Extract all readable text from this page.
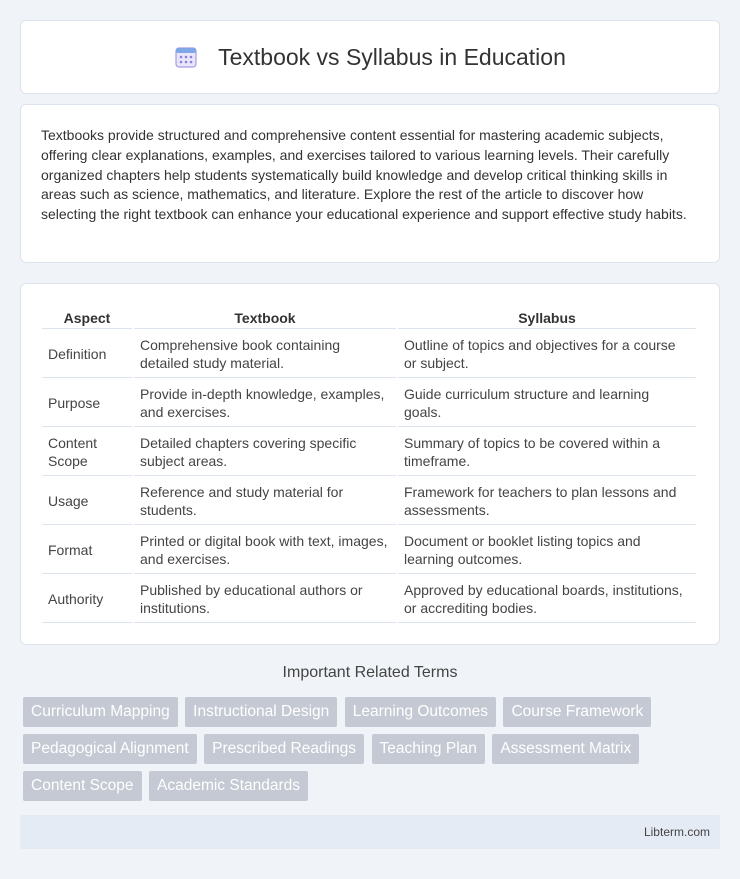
Textbook vs Syllabus in Education

Textbooks provide structured and comprehensive content essential for mastering academic subjects, offering clear explanations, examples, and exercises tailored to various learning levels. Their carefully organized chapters help students systematically build knowledge and develop critical thinking skills in areas such as science, mathematics, and literature. Explore the rest of the article to discover how selecting the right textbook can enhance your educational experience and support effective study habits.

Aspect	Textbook	Syllabus
Definition	Comprehensive book containing detailed study material.	Outline of topics and objectives for a course or subject.
Purpose	Provide in-depth knowledge, examples, and exercises.	Guide curriculum structure and learning goals.
Content Scope	Detailed chapters covering specific subject areas.	Summary of topics to be covered within a timeframe.
Usage	Reference and study material for students.	Framework for teachers to plan lessons and assessments.
Format	Printed or digital book with text, images, and exercises.	Document or booklet listing topics and learning outcomes.
Authority	Published by educational authors or institutions.	Approved by educational boards, institutions, or accrediting bodies.
Important Related Terms
Curriculum Mapping Instructional Design Learning Outcomes Course Framework Pedagogical Alignment Prescribed Readings Teaching Plan Assessment Matrix Content Scope Academic Standards
Libterm.com
